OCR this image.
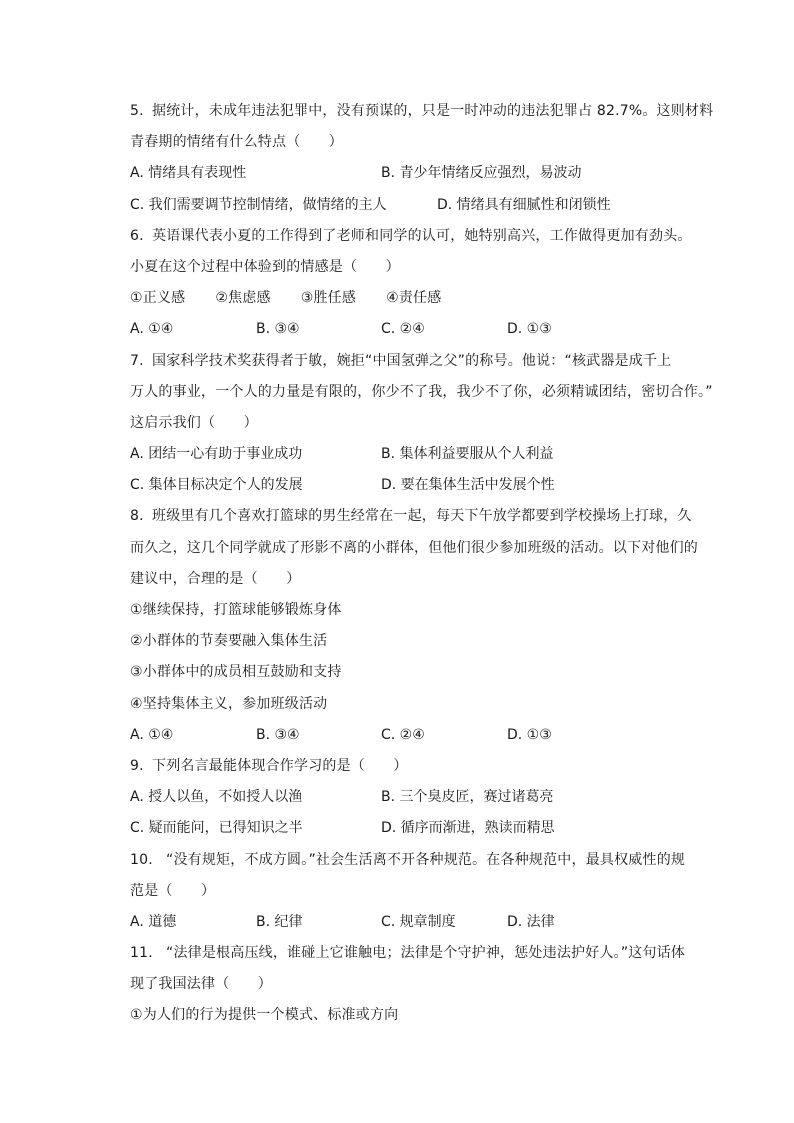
5. 据统计，未成年违法犯罪中，没有预谋的，只是一时冲动的违法犯罪占 82.7%。这则材料
青春期的情绪有什么特点（　　）
A. 情绪具有表现性	B. 青少年情绪反应强烈，易波动
C. 我们需要调节控制情绪，做情绪的主人	D. 情绪具有细腻性和闭锁性
6. 英语课代表小夏的工作得到了老师和同学的认可，她特别高兴，工作做得更加有劲头。
小夏在这个过程中体验到的情感是（　　）
①正义感 ②焦虑感 ③胜任感 ④责任感
A. ①④	B. ③④	C. ②④	D. ①③
7. 国家科学技术奖获得者于敏，婉拒“中国氢弹之父”的称号。他说：“核武器是成千上
万人的事业，一个人的力量是有限的，你少不了我，我少不了你，必须精诚团结，密切合作。”
这启示我们（　　）
A. 团结一心有助于事业成功	B. 集体利益要服从个人利益
C. 集体目标决定个人的发展	D. 要在集体生活中发展个性
8. 班级里有几个喜欢打篮球的男生经常在一起，每天下午放学都要到学校操场上打球，久
而久之，这几个同学就成了形影不离的小群体，但他们很少参加班级的活动。以下对他们的
建议中，合理的是（　　）
①继续保持，打篮球能够锻炼身体
②小群体的节奏要融入集体生活
③小群体中的成员相互鼓励和支持
④坚持集体主义，参加班级活动
A. ①④	B. ③④	C. ②④	D. ①③
9. 下列名言最能体现合作学习的是（　　）
A. 授人以鱼，不如授人以渔	B. 三个臭皮匠，赛过诸葛亮
C. 疑而能问，已得知识之半	D. 循序而渐进，熟读而精思
10. “没有规矩，不成方圆。”社会生活离不开各种规范。在各种规范中，最具权威性的规
范是（　　）
A. 道德	B. 纪律	C. 规章制度	D. 法律
11. “法律是根高压线，谁碰上它谁触电；法律是个守护神，惩处违法护好人。”这句话体
现了我国法律（　　）
①为人们的行为提供一个模式、标准或方向
